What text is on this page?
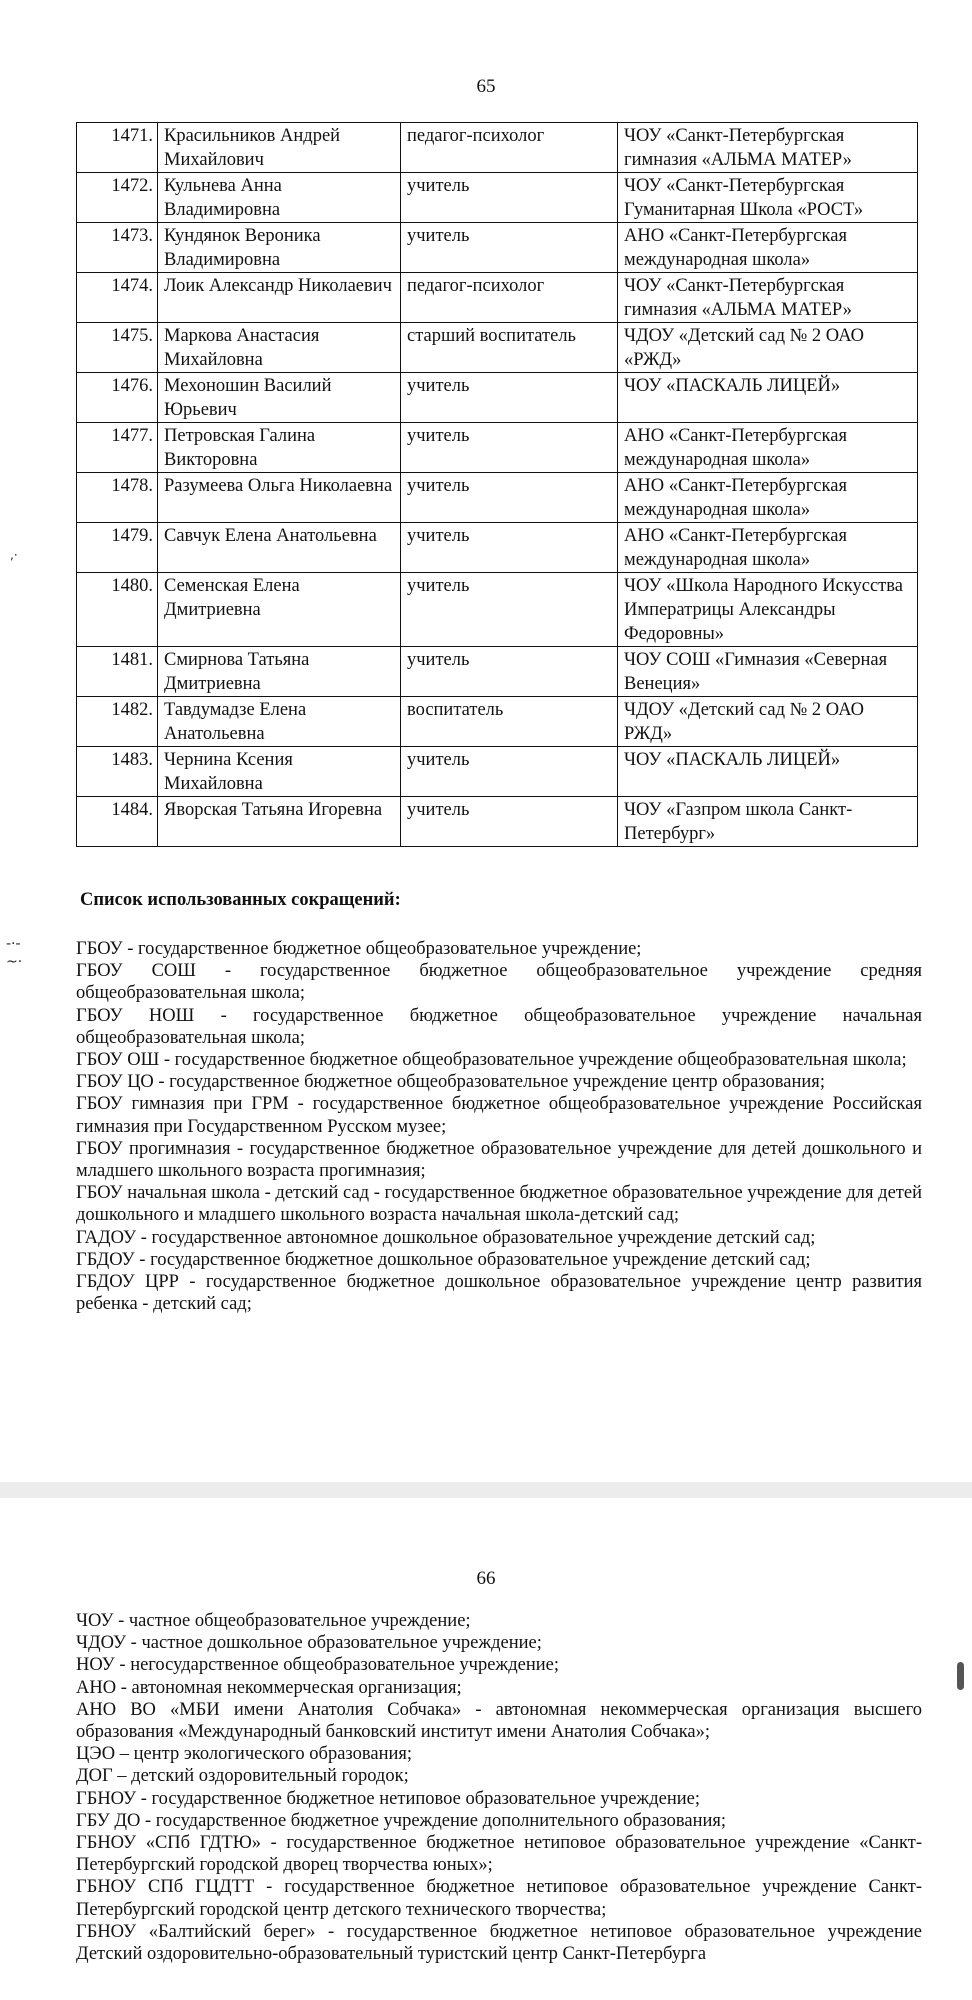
65
1471.	Красильников Андрей Михайлович	педагог-психолог	ЧОУ «Санкт-Петербургская гимназия «АЛЬМА МАТЕР»
1472.	Кульнева Анна Владимировна	учитель	ЧОУ «Санкт-Петербургская Гуманитарная Школа «РОСТ»
1473.	Кундянок Вероника Владимировна	учитель	АНО «Санкт-Петербургская международная школа»
1474.	Лоик Александр Николаевич	педагог-психолог	ЧОУ «Санкт-Петербургская гимназия «АЛЬМА МАТЕР»
1475.	Маркова Анастасия Михайловна	старший воспитатель	ЧДОУ «Детский сад № 2 ОАО «РЖД»
1476.	Мехоношин Василий Юрьевич	учитель	ЧОУ «ПАСКАЛЬ ЛИЦЕЙ»
1477.	Петровская Галина Викторовна	учитель	АНО «Санкт-Петербургская международная школа»
1478.	Разумеева Ольга Николаевна	учитель	АНО «Санкт-Петербургская международная школа»
1479.	Савчук Елена Анатольевна	учитель	АНО «Санкт-Петербургская международная школа»
1480.	Семенская Елена Дмитриевна	учитель	ЧОУ «Школа Народного Искусства Императрицы Александры Федоровны»
1481.	Смирнова Татьяна Дмитриевна	учитель	ЧОУ СОШ «Гимназия «Северная Венеция»
1482.	Тавдумадзе Елена Анатольевна	воспитатель	ЧДОУ «Детский сад № 2 ОАО РЖД»
1483.	Чернина Ксения Михайловна	учитель	ЧОУ «ПАСКАЛЬ ЛИЦЕЙ»
1484.	Яворская Татьяна Игоревна	учитель	ЧОУ «Газпром школа Санкт-Петербург»
,·
-·-
~·
Список использованных сокращений:

ГБОУ - государственное бюджетное общеобразовательное учреждение;

ГБОУ СОШ - государственное бюджетное общеобразовательное учреждение средняя общеобразовательная школа;

ГБОУ НОШ - государственное бюджетное общеобразовательное учреждение начальная общеобразовательная школа;

ГБОУ ОШ - государственное бюджетное общеобразовательное учреждение общеобразовательная школа;

ГБОУ ЦО - государственное бюджетное общеобразовательное учреждение центр образования;

ГБОУ гимназия при ГРМ - государственное бюджетное общеобразовательное учреждение Российская гимназия при Государственном Русском музее;

ГБОУ прогимназия - государственное бюджетное образовательное учреждение для детей дошкольного и младшего школьного возраста прогимназия;

ГБОУ начальная школа - детский сад - государственное бюджетное образовательное учреждение для детей дошкольного и младшего школьного возраста начальная школа-детский сад;

ГАДОУ - государственное автономное дошкольное образовательное учреждение детский сад;

ГБДОУ - государственное бюджетное дошкольное образовательное учреждение детский сад;

ГБДОУ ЦРР - государственное бюджетное дошкольное образовательное учреждение центр развития ребенка - детский сад;

66

ЧОУ - частное общеобразовательное учреждение;

ЧДОУ - частное дошкольное образовательное учреждение;

НОУ - негосударственное общеобразовательное учреждение;

АНО - автономная некоммерческая организация;

АНО ВО «МБИ имени Анатолия Собчака» - автономная некоммерческая организация высшего образования «Международный банковский институт имени Анатолия Собчака»;

ЦЭО – центр экологического образования;

ДОГ – детский оздоровительный городок;

ГБНОУ - государственное бюджетное нетиповое образовательное учреждение;

ГБУ ДО - государственное бюджетное учреждение дополнительного образования;

ГБНОУ «СПб ГДТЮ» - государственное бюджетное нетиповое образовательное учреждение «Санкт-Петербургский городской дворец творчества юных»;

ГБНОУ СПб ГЦДТТ - государственное бюджетное нетиповое образовательное учреждение Санкт-Петербургский городской центр детского технического творчества;

ГБНОУ «Балтийский берег» - государственное бюджетное нетиповое образовательное учреждение Детский оздоровительно-образовательный туристский центр Санкт-Петербурга
